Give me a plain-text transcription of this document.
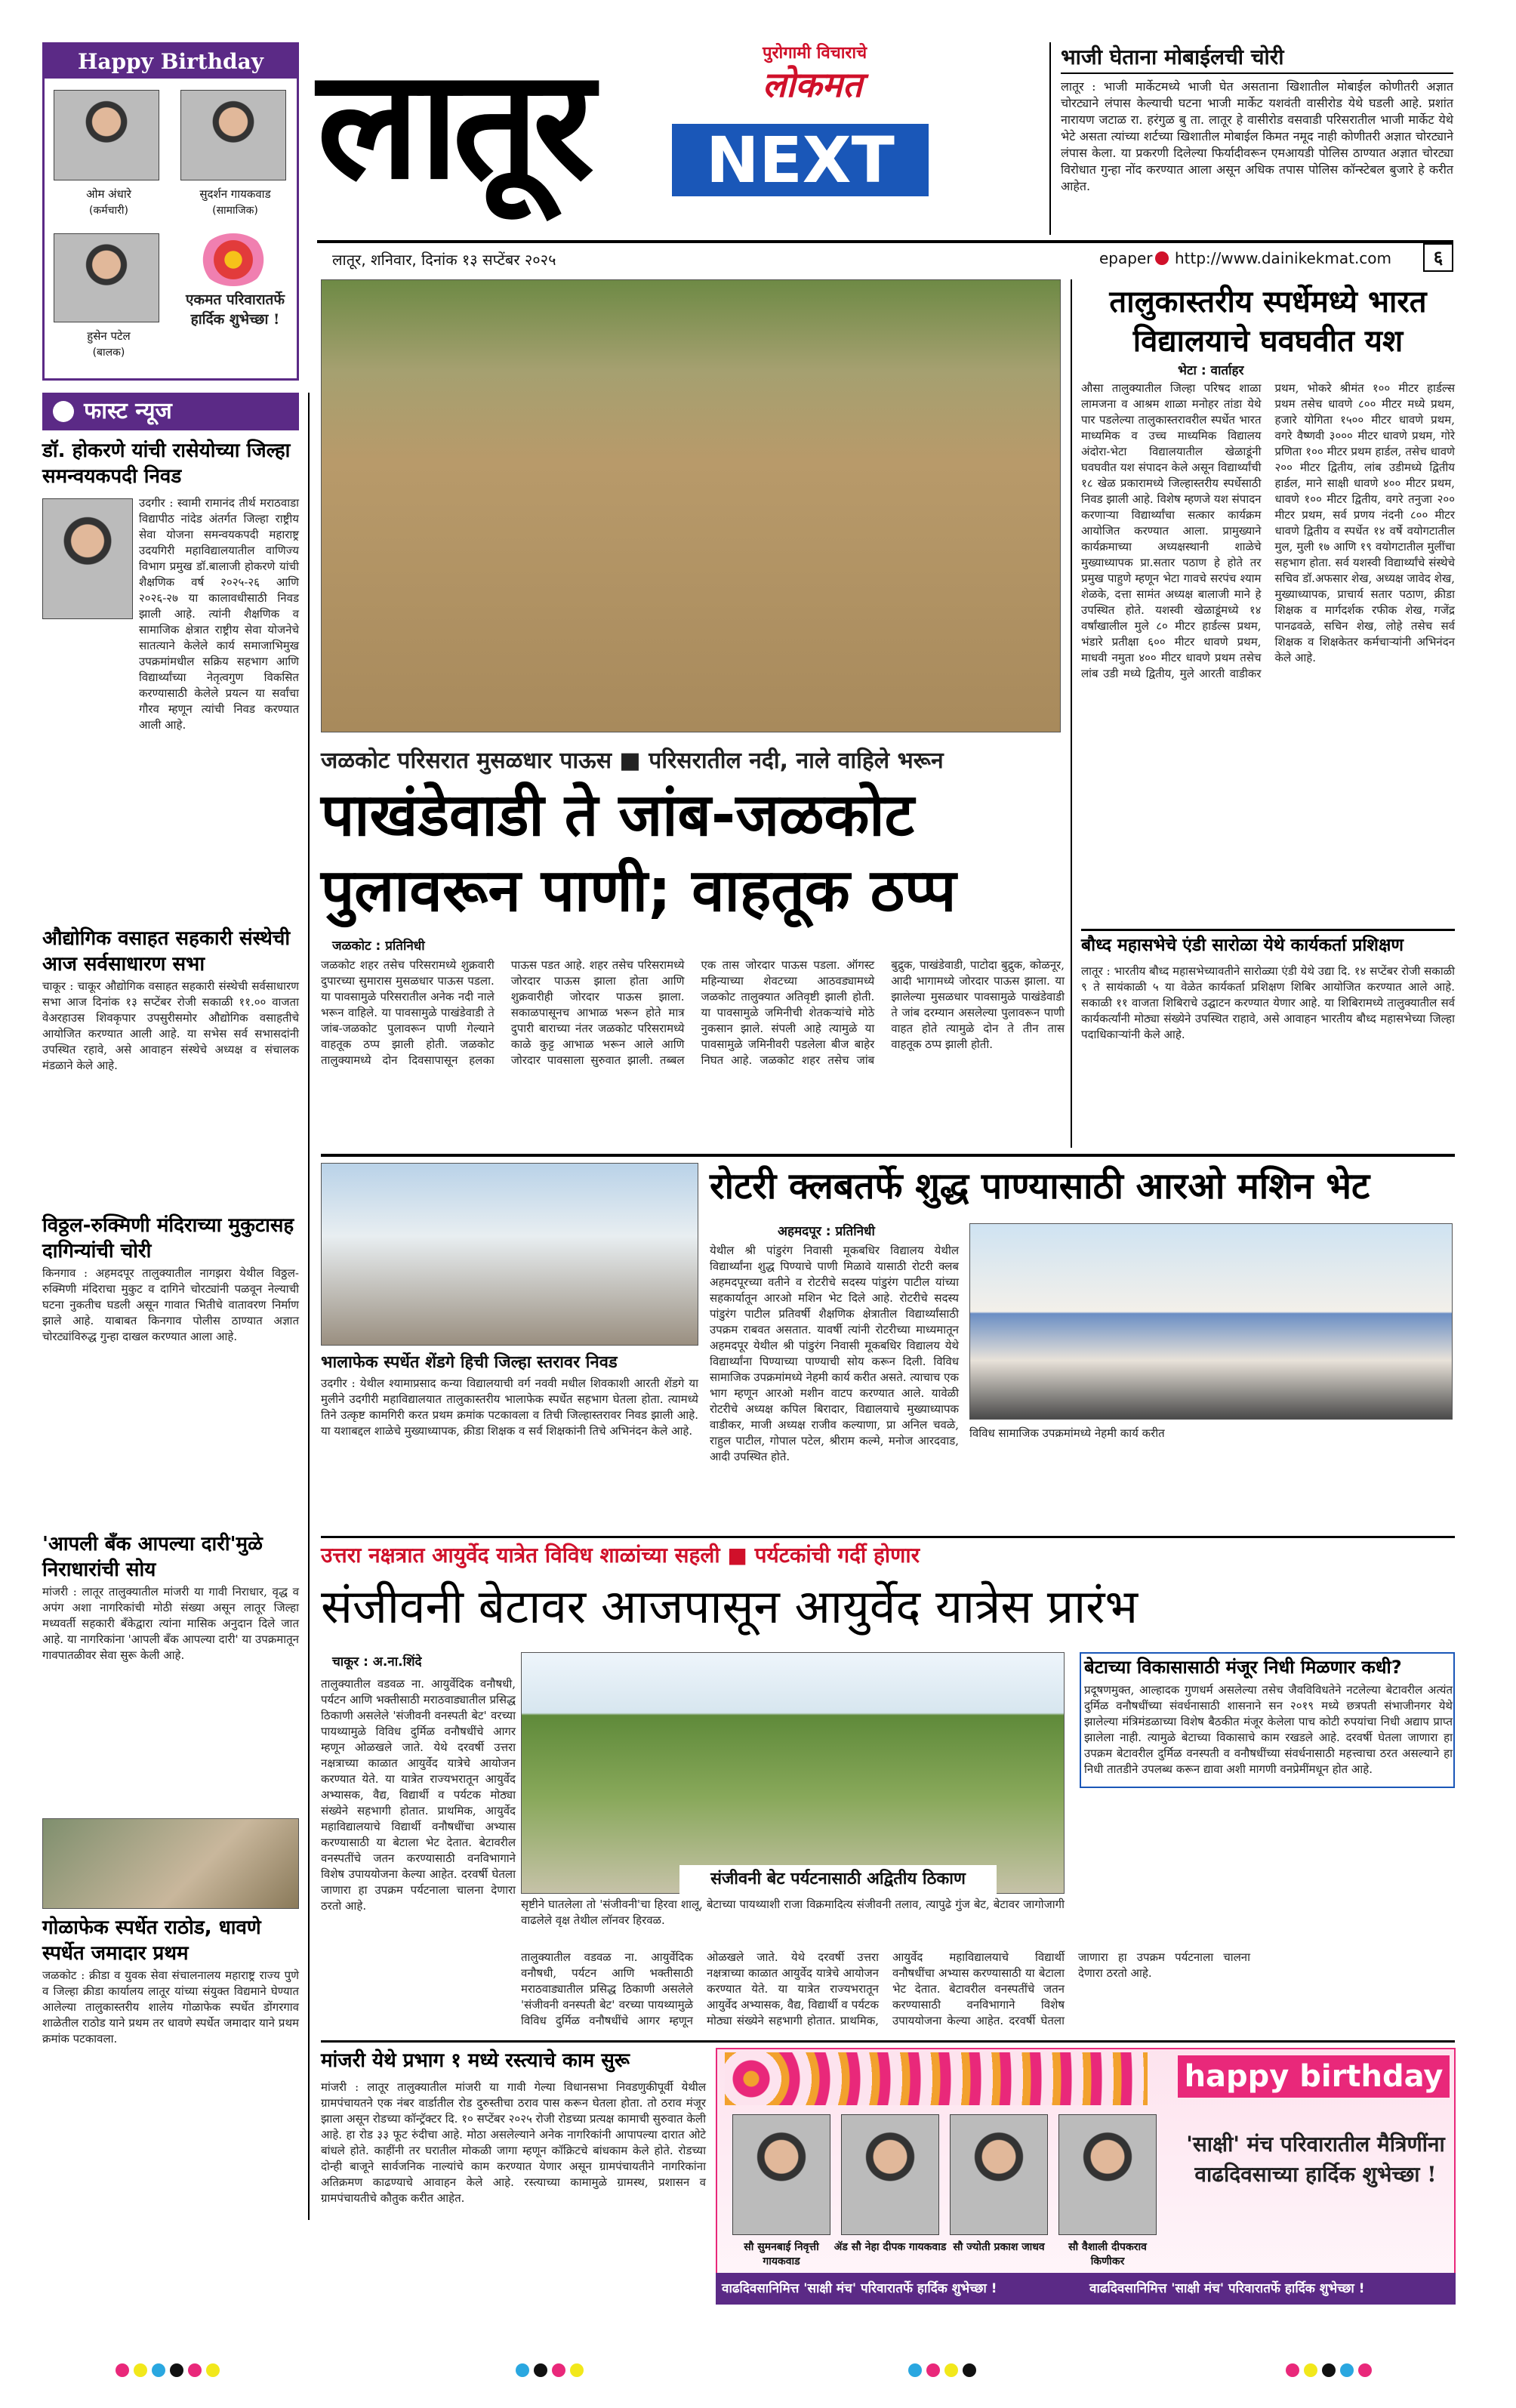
Happy Birthday
ओम अंधारे
(कर्मचारी)
सुदर्शन गायकवाड
(सामाजिक)
हुसेन पटेल
(बालक)
एकमत परिवारातर्फे हार्दिक शुभेच्छा !
लातूर	पुरोगामी विचाराचे
लोकमत
NEXT
लातूर, शनिवार, दिनांक १३ सप्टेंबर २०२५	epaper http://www.dainikekmat.com	६
भाजी घेताना मोबाईलची चोरी
लातूर : भाजी मार्केटमध्ये भाजी घेत असताना खिशातील मोबाईल कोणीतरी अज्ञात चोरट्याने लंपास केल्याची घटना भाजी मार्केट यशवंती वासीरोड येथे घडली आहे. प्रशांत नारायण जटाळ रा. हरंगुळ बु ता. लातूर हे वासीरोड वसवाडी परिसरातील भाजी मार्केट येथे भेटे असता त्यांच्या शर्टच्या खिशातील मोबाईल किमत नमूद नाही कोणीतरी अज्ञात चोरट्याने लंपास केला. या प्रकरणी दिलेल्या फिर्यादीवरून एमआयडी पोलिस ठाण्यात अज्ञात चोरट्या विरोधात गुन्हा नोंद करण्यात आला असून अधिक तपास पोलिस कॉन्स्टेबल बुजारे हे करीत आहेत.
फास्ट न्यूज
डॉ. होकरणे यांची रासेयोच्या जिल्हा समन्वयकपदी निवड
उदगीर : स्वामी रामानंद तीर्थ मराठवाडा विद्यापीठ नांदेड अंतर्गत जिल्हा राष्ट्रीय सेवा योजना समन्वयकपदी महाराष्ट्र उदयगिरी महाविद्यालयातील वाणिज्य विभाग प्रमुख डॉ.बालाजी होकरणे यांची शैक्षणिक वर्ष २०२५-२६ आणि २०२६-२७ या कालावधीसाठी निवड झाली आहे. त्यांनी शैक्षणिक व सामाजिक क्षेत्रात राष्ट्रीय सेवा योजनेचे सातत्याने केलेले कार्य समाजाभिमुख उपक्रमांमधील सक्रिय सहभाग आणि विद्यार्थ्यांच्या नेतृत्वगुण विकसित करण्यासाठी केलेले प्रयत्न या सर्वांचा गौरव म्हणून त्यांची निवड करण्यात आली आहे.
औद्योगिक वसाहत सहकारी संस्थेची आज सर्वसाधारण सभा
चाकूर : चाकूर औद्योगिक वसाहत सहकारी संस्थेची सर्वसाधारण सभा आज दिनांक १३ सप्टेंबर रोजी सकाळी ११.०० वाजता वेअरहाउस शिवकृपार उपसुरीसमोर औद्योगिक वसाहतीचे आयोजित करण्यात आली आहे. या सभेस सर्व सभासदांनी उपस्थित रहावे, असे आवाहन संस्थेचे अध्यक्ष व संचालक मंडळाने केले आहे.
विठ्ठल-रुक्मिणी मंदिराच्या मुकुटासह दागिन्यांची चोरी
किनगाव : अहमदपूर तालुक्यातील नागझरा येथील विठ्ठल-रुक्मिणी मंदिराचा मुकुट व दागिने चोरट्यांनी पळवून नेल्याची घटना नुकतीच घडली असून गावात भितीचे वातावरण निर्माण झाले आहे. याबाबत किनगाव पोलीस ठाण्यात अज्ञात चोरट्यांविरुद्ध गुन्हा दाखल करण्यात आला आहे.
'आपली बँक आपल्या दारी'मुळे निराधारांची सोय
मांजरी : लातूर तालुक्यातील मांजरी या गावी निराधार, वृद्ध व अपंग अशा नागरिकांची मोठी संख्या असून लातूर जिल्हा मध्यवर्ती सहकारी बँकेद्वारा त्यांना मासिक अनुदान दिले जात आहे. या नागरिकांना 'आपली बँक आपल्या दारी' या उपक्रमातून गावपातळीवर सेवा सुरू केली आहे.
गोळाफेक स्पर्धेत राठोड, धावणे स्पर्धेत जमादार प्रथम
जळकोट : क्रीडा व युवक सेवा संचालनालय महाराष्ट्र राज्य पुणे व जिल्हा क्रीडा कार्यालय लातूर यांच्या संयुक्त विद्यमाने घेण्यात आलेल्या तालुकास्तरीय शालेय गोळाफेक स्पर्धेत डोंगरगाव शाळेतील राठोड याने प्रथम तर धावणे स्पर्धेत जमादार याने प्रथम क्रमांक पटकावला.
जळकोट परिसरात मुसळधार पाऊस ■ परिसरातील नदी, नाले वाहिले भरून
पाखंडेवाडी ते जांब-जळकोट
पुलावरून पाणी; वाहतूक ठप्प
जळकोट : प्रतिनिधी
जळकोट शहर तसेच परिसरामध्ये शुक्रवारी दुपारच्या सुमारास मुसळधार पाऊस पडला. या पावसामुळे परिसरातील अनेक नदी नाले भरून वाहिले. या पावसामुळे पाखंडेवाडी ते जांब-जळकोट पुलावरून पाणी गेल्याने वाहतूक ठप्प झाली होती. जळकोट तालुक्यामध्ये दोन दिवसापासून हलका पाऊस पडत आहे. शहर तसेच परिसरामध्ये जोरदार पाऊस झाला होता आणि शुक्रवारीही जोरदार पाऊस झाला. सकाळपासूनच आभाळ भरून होते मात्र दुपारी बाराच्या नंतर जळकोट परिसरामध्ये काळे कुट्ट आभाळ भरून आले आणि जोरदार पावसाला सुरुवात झाली. तब्बल एक तास जोरदार पाऊस पडला. ऑगस्ट महिन्याच्या शेवटच्या आठवड्यामध्ये जळकोट तालुक्यात अतिवृष्टी झाली होती. या पावसामुळे जमिनीची शेतकऱ्यांचे मोठे नुकसान झाले. संपली आहे त्यामुळे या पावसामुळे जमिनीवरी पडलेला बीज बाहेर निघत आहे. जळकोट शहर तसेच जांब बुद्रुक, पाखंडेवाडी, पाटोदा बुद्रुक, कोळनूर, आदी भागामध्ये जोरदार पाऊस झाला. या झालेल्या मुसळधार पावसामुळे पाखंडेवाडी ते जांब दरम्यान असलेल्या पुलावरून पाणी वाहत होते त्यामुळे दोन ते तीन तास वाहतूक ठप्प झाली होती.
तालुकास्तरीय स्पर्धेमध्ये भारत विद्यालयाचे घवघवीत यश
भेटा : वार्ताहर
औसा तालुक्यातील जिल्हा परिषद शाळा लामजना व आश्रम शाळा मनोहर तांडा येथे पार पडलेल्या तालुकास्तरावरील स्पर्धेत भारत माध्यमिक व उच्च माध्यमिक विद्यालय अंदोरा-भेटा विद्यालयातील खेळाडूंनी घवघवीत यश संपादन केले असून विद्यार्थ्यांची १८ खेळ प्रकारामध्ये जिल्हास्तरीय स्पर्धेसाठी निवड झाली आहे. विशेष म्हणजे यश संपादन करणाऱ्या विद्यार्थ्यांचा सत्कार कार्यक्रम आयोजित करण्यात आला. प्रामुख्याने कार्यक्रमाच्या अध्यक्षस्थानी शाळेचे मुख्याध्यापक प्रा.सतार पठाण हे होते तर प्रमुख पाहुणे म्हणून भेटा गावचे सरपंच श्याम शेळके, दत्ता सामंत अध्यक्ष बालाजी माने हे उपस्थित होते. यशस्वी खेळाडूंमध्ये १४ वर्षांखालील मुले ८० मीटर हार्डल्स प्रथम, भंडारे प्रतीक्षा ६०० मीटर धावणे प्रथम, माधवी नमुता ४०० मीटर धावणे प्रथम तसेच लांब उडी मध्ये द्वितीय, मुले आरती वाडीकर प्रथम, भोकरे श्रीमंत १०० मीटर हार्डल्स प्रथम तसेच धावणे ८०० मीटर मध्ये प्रथम, हजारे योगिता १५०० मीटर धावणे प्रथम, वगरे वैष्णवी ३००० मीटर धावणे प्रथम, गोरे प्रणिता १०० मीटर प्रथम हार्डल, तसेच धावणे २०० मीटर द्वितीय, लांब उडीमध्ये द्वितीय हार्डल, माने साक्षी धावणे ४०० मीटर प्रथम, धावणे १०० मीटर द्वितीय, वगरे तनुजा २०० मीटर प्रथम, सर्व प्रणय नंदनी ८०० मीटर धावणे द्वितीय व स्पर्धेत १४ वर्षे वयोगटातील मुल, मुली १७ आणि १९ वयोगटातील मुलींचा सहभाग होता. सर्व यशस्वी विद्यार्थ्यांचे संस्थेचे सचिव डॉ.अफसार शेख, अध्यक्ष जावेद शेख, मुख्याध्यापक, प्राचार्य सतार पठाण, क्रीडा शिक्षक व मार्गदर्शक रफीक शेख, गजेंद्र पानढवळे, सचिन शेख, लोहे तसेच सर्व शिक्षक व शिक्षकेतर कर्मचाऱ्यांनी अभिनंदन केले आहे.
बौध्द महासभेचे एंडी सारोळा येथे कार्यकर्ता प्रशिक्षण
लातूर : भारतीय बौध्द महासभेच्यावतीने सारोळ्या एंडी येथे उद्या दि. १४ सप्टेंबर रोजी सकाळी ९ ते सायंकाळी ५ या वेळेत कार्यकर्ता प्रशिक्षण शिबिर आयोजित करण्यात आले आहे. सकाळी ११ वाजता शिबिराचे उद्घाटन करण्यात येणार आहे. या शिबिरामध्ये तालुक्यातील सर्व कार्यकर्त्यांनी मोठ्या संख्येने उपस्थित राहावे, असे आवाहन भारतीय बौध्द महासभेच्या जिल्हा पदाधिकाऱ्यांनी केले आहे.
भालाफेक स्पर्धेत शेंडगे हिची जिल्हा स्तरावर निवड
उदगीर : येथील श्यामाप्रसाद कन्या विद्यालयाची वर्ग नववी मधील शिवकाशी आरती शेंडगे या मुलीने उदगीरी महाविद्यालयात तालुकास्तरीय भालाफेक स्पर्धेत सहभाग घेतला होता. त्यामध्ये तिने उत्कृष्ट कामगिरी करत प्रथम क्रमांक पटकावला व तिची जिल्हास्तरावर निवड झाली आहे. या यशाबद्दल शाळेचे मुख्याध्यापक, क्रीडा शिक्षक व सर्व शिक्षकांनी तिचे अभिनंदन केले आहे.
रोटरी क्लबतर्फे शुद्ध पाण्यासाठी आरओ मशिन भेट
अहमदपूर : प्रतिनिधी
येथील श्री पांडुरंग निवासी मूकबधिर विद्यालय येथील विद्यार्थ्यांना शुद्ध पिण्याचे पाणी मिळावे यासाठी रोटरी क्लब अहमदपूरच्या वतीने व रोटरीचे सदस्य पांडुरंग पाटील यांच्या सहकार्यातून आरओ मशिन भेट दिले आहे. रोटरीचे सदस्य पांडुरंग पाटील प्रतिवर्षी शैक्षणिक क्षेत्रातील विद्यार्थ्यांसाठी उपक्रम राबवत असतात. यावर्षी त्यांनी रोटरीच्या माध्यमातून अहमदपूर येथील श्री पांडुरंग निवासी मूकबधिर विद्यालय येथे विद्यार्थ्यांना पिण्याच्या पाण्याची सोय करून दिली. विविध सामाजिक उपक्रमांमध्ये नेहमी कार्य करीत असते. त्याचाच एक भाग म्हणून आरओ मशीन वाटप करण्यात आले. यावेळी रोटरीचे अध्यक्ष कपिल बिरादार, विद्यालयाचे मुख्याध्यापक वाडीकर, माजी अध्यक्ष राजीव कल्याणा, प्रा अनिल चवळे, राहुल पाटील, गोपाल पटेल, श्रीराम कल्मे, मनोज आरदवाड, आदी उपस्थित होते.
विविध सामाजिक उपक्रमांमध्ये नेहमी कार्य करीत
उत्तरा नक्षत्रात आयुर्वेद यात्रेत विविध शाळांच्या सहली ■ पर्यटकांची गर्दी होणार
संजीवनी बेटावर आजपासून आयुर्वेद यात्रेस प्रारंभ
चाकूर : अ.ना.शिंदे
तालुक्यातील वडवळ ना. आयुर्वेदिक वनौषधी, पर्यटन आणि भक्तीसाठी मराठवाड्यातील प्रसिद्ध ठिकाणी असलेले 'संजीवनी वनस्पती बेट' वरच्या पायथ्यामुळे विविध दुर्मिळ वनौषधींचे आगर म्हणून ओळखले जाते. येथे दरवर्षी उत्तरा नक्षत्राच्या काळात आयुर्वेद यात्रेचे आयोजन करण्यात येते. या यात्रेत राज्यभरातून आयुर्वेद अभ्यासक, वैद्य, विद्यार्थी व पर्यटक मोठ्या संख्येने सहभागी होतात. प्राथमिक, आयुर्वेद महाविद्यालयाचे विद्यार्थी वनौषधींचा अभ्यास करण्यासाठी या बेटाला भेट देतात. बेटावरील वनस्पतींचे जतन करण्यासाठी वनविभागाने विशेष उपाययोजना केल्या आहेत. दरवर्षी घेतला जाणारा हा उपक्रम पर्यटनाला चालना देणारा ठरतो आहे.
संजीवनी बेट पर्यटनासाठी अद्वितीय ठिकाण
सृष्टीने घातलेला तो 'संजीवनी'चा हिरवा शालू, बेटाच्या पायथ्याशी राजा विक्रमादित्य संजीवनी तलाव, त्यापुढे गुंज बेट, बेटावर जागोजागी वाढलेले वृक्ष तेथील लॉनवर हिरवळ.
तालुक्यातील वडवळ ना. आयुर्वेदिक वनौषधी, पर्यटन आणि भक्तीसाठी मराठवाड्यातील प्रसिद्ध ठिकाणी असलेले 'संजीवनी वनस्पती बेट' वरच्या पायथ्यामुळे विविध दुर्मिळ वनौषधींचे आगर म्हणून ओळखले जाते. येथे दरवर्षी उत्तरा नक्षत्राच्या काळात आयुर्वेद यात्रेचे आयोजन करण्यात येते. या यात्रेत राज्यभरातून आयुर्वेद अभ्यासक, वैद्य, विद्यार्थी व पर्यटक मोठ्या संख्येने सहभागी होतात. प्राथमिक, आयुर्वेद महाविद्यालयाचे विद्यार्थी वनौषधींचा अभ्यास करण्यासाठी या बेटाला भेट देतात. बेटावरील वनस्पतींचे जतन करण्यासाठी वनविभागाने विशेष उपाययोजना केल्या आहेत. दरवर्षी घेतला जाणारा हा उपक्रम पर्यटनाला चालना देणारा ठरतो आहे.
बेटाच्या विकासासाठी मंजूर निधी मिळणार कधी?
प्रदूषणमुक्त, आल्हादक गुणधर्म असलेल्या तसेच जैवविविधतेने नटलेल्या बेटावरील अत्यंत दुर्मिळ वनौषधींच्या संवर्धनासाठी शासनाने सन २०१९ मध्ये छत्रपती संभाजीनगर येथे झालेल्या मंत्रिमंडळाच्या विशेष बैठकीत मंजूर केलेला पाच कोटी रुपयांचा निधी अद्याप प्राप्त झालेला नाही. त्यामुळे बेटाच्या विकासाचे काम रखडले आहे. दरवर्षी घेतला जाणारा हा उपक्रम बेटावरील दुर्मिळ वनस्पती व वनौषधींच्या संवर्धनासाठी महत्त्वाचा ठरत असल्याने हा निधी तातडीने उपलब्ध करून द्यावा अशी मागणी वनप्रेमींमधून होत आहे.
मांजरी येथे प्रभाग १ मध्ये रस्त्याचे काम सुरू
मांजरी : लातूर तालुक्यातील मांजरी या गावी गेल्या विधानसभा निवडणुकीपूर्वी येथील ग्रामपंचायतने एक नंबर वार्डातील रोड दुरुस्तीचा ठराव पास करून घेतला होता. तो ठराव मंजूर झाला असून रोडच्या कॉन्ट्रॅक्टर दि. १० सप्टेंबर २०२५ रोजी रोडच्या प्रत्यक्ष कामाची सुरुवात केली आहे. हा रोड ३३ फूट रुंदीचा आहे. मोठा असलेल्याने अनेक नागरिकांनी आपापल्या दारात ओटे बांधले होते. काहींनी तर घरातील मोकळी जागा म्हणून कॉक्रिटचे बांधकाम केले होते. रोडच्या दोन्ही बाजूने सार्वजनिक नाल्यांचे काम करण्यात येणार असून ग्रामपंचायतीने नागरिकांना अतिक्रमण काढण्याचे आवाहन केले आहे. रस्त्याच्या कामामुळे ग्रामस्थ, प्रशासन व ग्रामपंचायतीचे कौतुक करीत आहेत.
happy birthday
सौ सुमनबाई निवृत्ती गायकवाड
ॲड सौ नेहा दीपक गायकवाड सौ ज्योती प्रकाश जाधव	सौ वैशाली दीपकराव किणीकर
'साक्षी' मंच परिवारातील मैत्रिणींना वाढदिवसाच्या हार्दिक शुभेच्छा !
वाढदिवसानिमित्त 'साक्षी मंच' परिवारातर्फे हार्दिक शुभेच्छा !	वाढदिवसानिमित्त 'साक्षी मंच' परिवारातर्फे हार्दिक शुभेच्छा !
